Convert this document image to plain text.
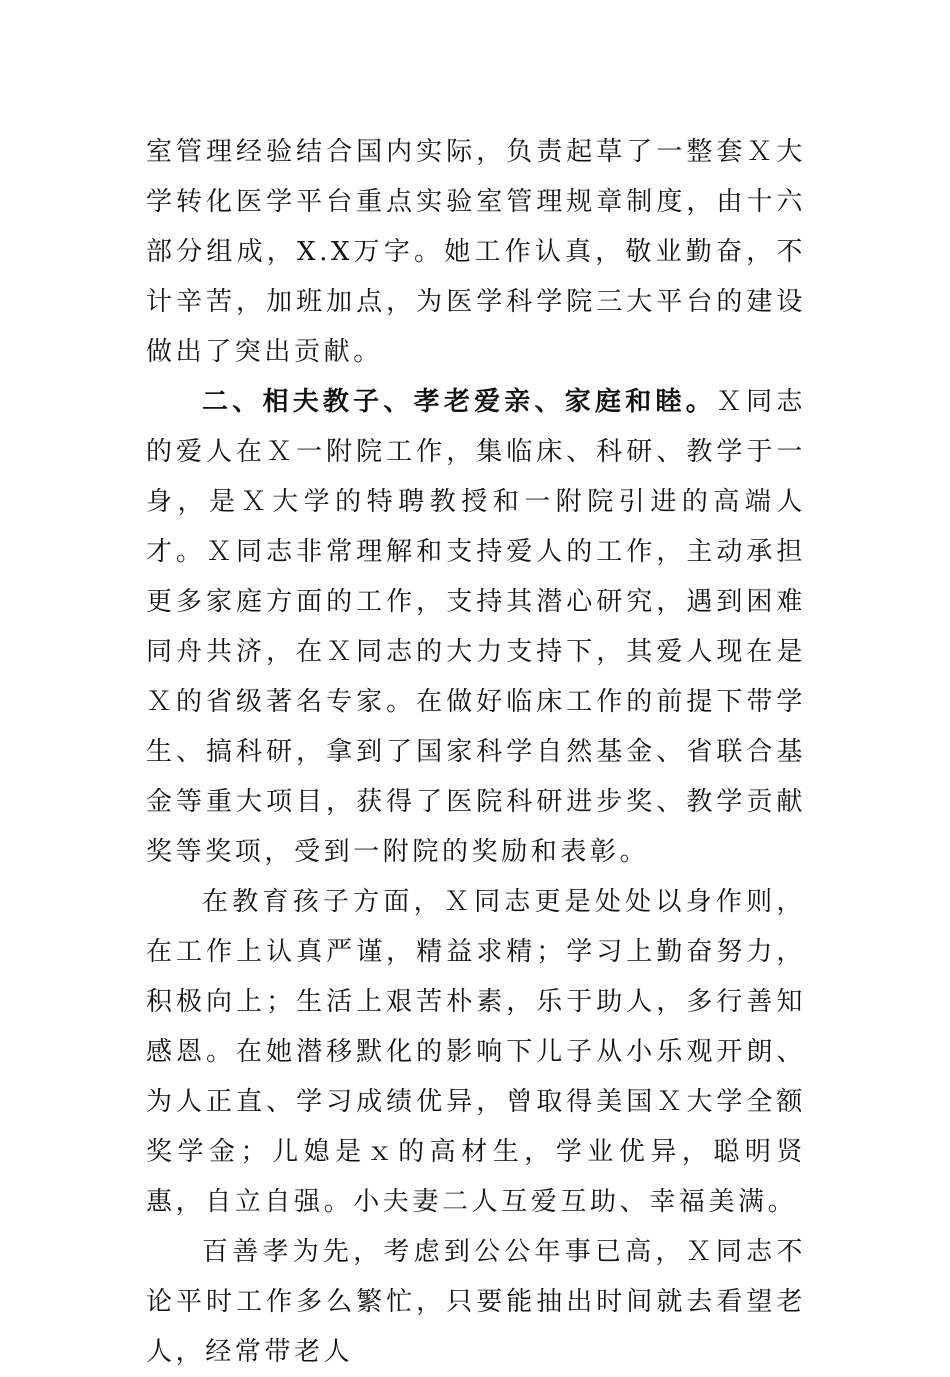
室管理经验结合国内实际，负责起草了一整套Ｘ大学转化医学平台重点实验室管理规章制度，由十六部分组成，X.X万字。她工作认真，敬业勤奋，不计辛苦，加班加点，为医学科学院三大平台的建设做出了突出贡献。

二、相夫教子、孝老爱亲、家庭和睦。Ｘ同志的爱人在Ｘ一附院工作，集临床、科研、教学于一身，是Ｘ大学的特聘教授和一附院引进的高端人才。Ｘ同志非常理解和支持爱人的工作，主动承担更多家庭方面的工作，支持其潜心研究，遇到困难同舟共济，在Ｘ同志的大力支持下，其爱人现在是Ｘ的省级著名专家。在做好临床工作的前提下带学生、搞科研，拿到了国家科学自然基金、省联合基金等重大项目，获得了医院科研进步奖、教学贡献奖等奖项，受到一附院的奖励和表彰。

在教育孩子方面，Ｘ同志更是处处以身作则，在工作上认真严谨，精益求精；学习上勤奋努力，积极向上；生活上艰苦朴素，乐于助人，多行善知感恩。在她潜移默化的影响下儿子从小乐观开朗、为人正直、学习成绩优异，曾取得美国Ｘ大学全额奖学金；儿媳是ｘ的高材生，学业优异，聪明贤惠，自立自强。小夫妻二人互爱互助、幸福美满。

百善孝为先，考虑到公公年事已高，Ｘ同志不论平时工作多么繁忙，只要能抽出时间就去看望老人，经常带老人
